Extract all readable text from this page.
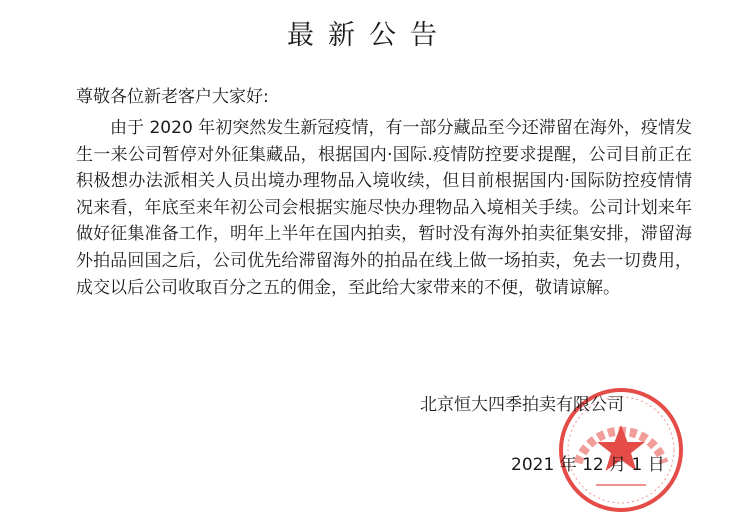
最新公告
尊敬各位新老客户大家好:

由于 2020 年初突然发生新冠疫情，有一部分藏品至今还滞留在海外，疫情发生一来公司暂停对外征集藏品，根据国内·国际.疫情防控要求提醒，公司目前正在积极想办法派相关人员出境办理物品入境收续，但目前根据国内·国际防控疫情情况来看，年底至来年初公司会根据实施尽快办理物品入境相关手续。公司计划来年做好征集准备工作，明年上半年在国内拍卖，暂时没有海外拍卖征集安排，滞留海外拍品回国之后，公司优先给滞留海外的拍品在线上做一场拍卖，免去一切费用，成交以后公司收取百分之五的佣金，至此给大家带来的不便，敬请谅解。

北京恒大四季拍卖有限公司
2021 年 12 月 1 日
